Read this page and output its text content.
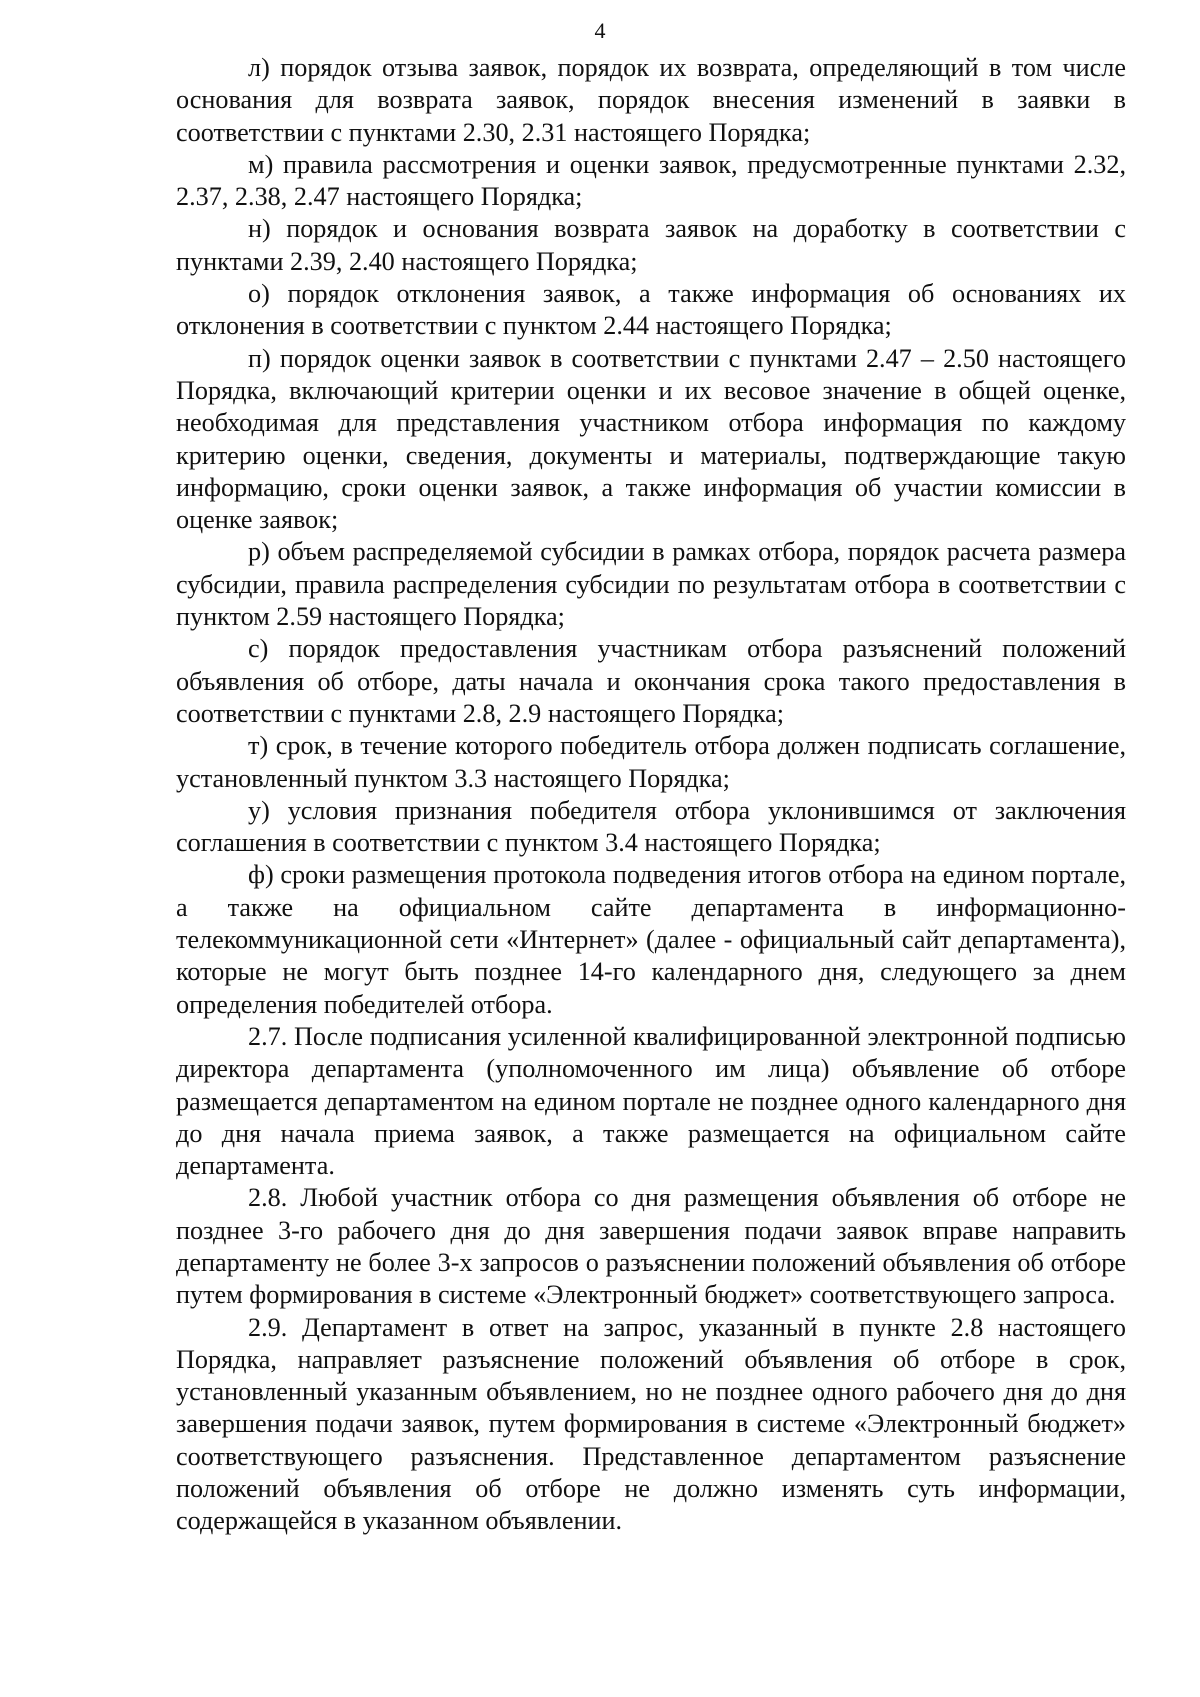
4

л) порядок отзыва заявок, порядок их возврата, определяющий в том числе основания для возврата заявок, порядок внесения изменений в заявки в соответствии с пунктами 2.30, 2.31 настоящего Порядка;

м) правила рассмотрения и оценки заявок, предусмотренные пунктами 2.32, 2.37, 2.38, 2.47 настоящего Порядка;

н) порядок и основания возврата заявок на доработку в соответствии с пунктами 2.39, 2.40 настоящего Порядка;

о) порядок отклонения заявок, а также информация об основаниях их отклонения в соответствии с пунктом 2.44 настоящего Порядка;

п) порядок оценки заявок в соответствии с пунктами 2.47 – 2.50 настоящего Порядка, включающий критерии оценки и их весовое значение в общей оценке, необходимая для представления участником отбора информация по каждому критерию оценки, сведения, документы и материалы, подтверждающие такую информацию, сроки оценки заявок, а также информация об участии комиссии в оценке заявок;

р) объем распределяемой субсидии в рамках отбора, порядок расчета размера субсидии, правила распределения субсидии по результатам отбора в соответствии с пунктом 2.59 настоящего Порядка;

с) порядок предоставления участникам отбора разъяснений положений объявления об отборе, даты начала и окончания срока такого предоставления в соответствии с пунктами 2.8, 2.9 настоящего Порядка;

т) срок, в течение которого победитель отбора должен подписать соглашение, установленный пунктом 3.3 настоящего Порядка;

у) условия признания победителя отбора уклонившимся от заключения соглашения в соответствии с пунктом 3.4 настоящего Порядка;

ф) сроки размещения протокола подведения итогов отбора на едином портале, а также на официальном сайте департамента в информационно-телекоммуникационной сети «Интернет» (далее - официальный сайт департамента), которые не могут быть позднее 14-го календарного дня, следующего за днем определения победителей отбора.

2.7. После подписания усиленной квалифицированной электронной подписью директора департамента (уполномоченного им лица) объявление об отборе размещается департаментом на едином портале не позднее одного календарного дня до дня начала приема заявок, а также размещается на официальном сайте департамента.

2.8. Любой участник отбора со дня размещения объявления об отборе не позднее 3-го рабочего дня до дня завершения подачи заявок вправе направить департаменту не более 3-х запросов о разъяснении положений объявления об отборе путем формирования в системе «Электронный бюджет» соответствующего запроса.

2.9. Департамент в ответ на запрос, указанный в пункте 2.8 настоящего Порядка, направляет разъяснение положений объявления об отборе в срок, установленный указанным объявлением, но не позднее одного рабочего дня до дня завершения подачи заявок, путем формирования в системе «Электронный бюджет» соответствующего разъяснения. Представленное департаментом разъяснение положений объявления об отборе не должно изменять суть информации, содержащейся в указанном объявлении.
